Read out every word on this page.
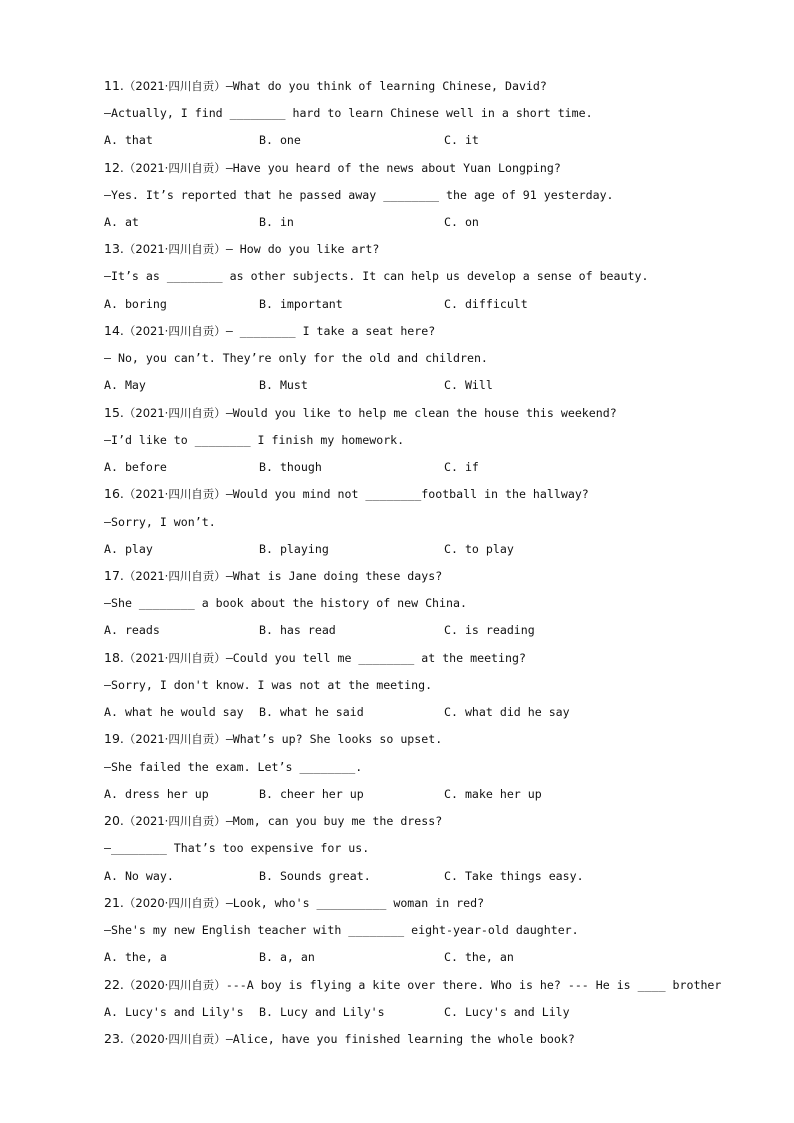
11.（2021·四川自贡）—What do you think of learning Chinese, David?
—Actually, I find ________ hard to learn Chinese well in a short time.
A. that	B. one	C. it
12.（2021·四川自贡）—Have you heard of the news about Yuan Longping?
—Yes. It’s reported that he passed away ________ the age of 91 yesterday.
A. at	B. in	C. on
13.（2021·四川自贡）— How do you like art?
—It’s as ________ as other subjects. It can help us develop a sense of beauty.
A. boring	B. important	C. difficult
14.（2021·四川自贡）— ________ I take a seat here?
— No, you can’t. They’re only for the old and children.
A. May	B. Must	C. Will
15.（2021·四川自贡）—Would you like to help me clean the house this weekend?
—I’d like to ________ I finish my homework.
A. before	B. though	C. if
16.（2021·四川自贡）—Would you mind not ________football in the hallway?
—Sorry, I won’t.
A. play	B. playing	C. to play
17.（2021·四川自贡）—What is Jane doing these days?
—She ________ a book about the history of new China.
A. reads	B. has read	C. is reading
18.（2021·四川自贡）—Could you tell me ________ at the meeting?
—Sorry, I don't know. I was not at the meeting.
A. what he would say B. what he said	C. what did he say
19.（2021·四川自贡）—What’s up? She looks so upset.
—She failed the exam. Let’s ________.
A. dress her up	B. cheer her up	C. make her up
20.（2021·四川自贡）—Mom, can you buy me the dress?
—________ That’s too expensive for us.
A. No way.	B. Sounds great.	C. Take things easy.
21.（2020·四川自贡）—Look, who's __________ woman in red?
—She's my new English teacher with ________ eight-year-old daughter.
A. the, a	B. a, an	C. the, an
22.（2020·四川自贡）---A boy is flying a kite over there. Who is he? --- He is ____ brother
A. Lucy's and Lily's B. Lucy and Lily's	C. Lucy's and Lily
23.（2020·四川自贡）—Alice, have you finished learning the whole book?
